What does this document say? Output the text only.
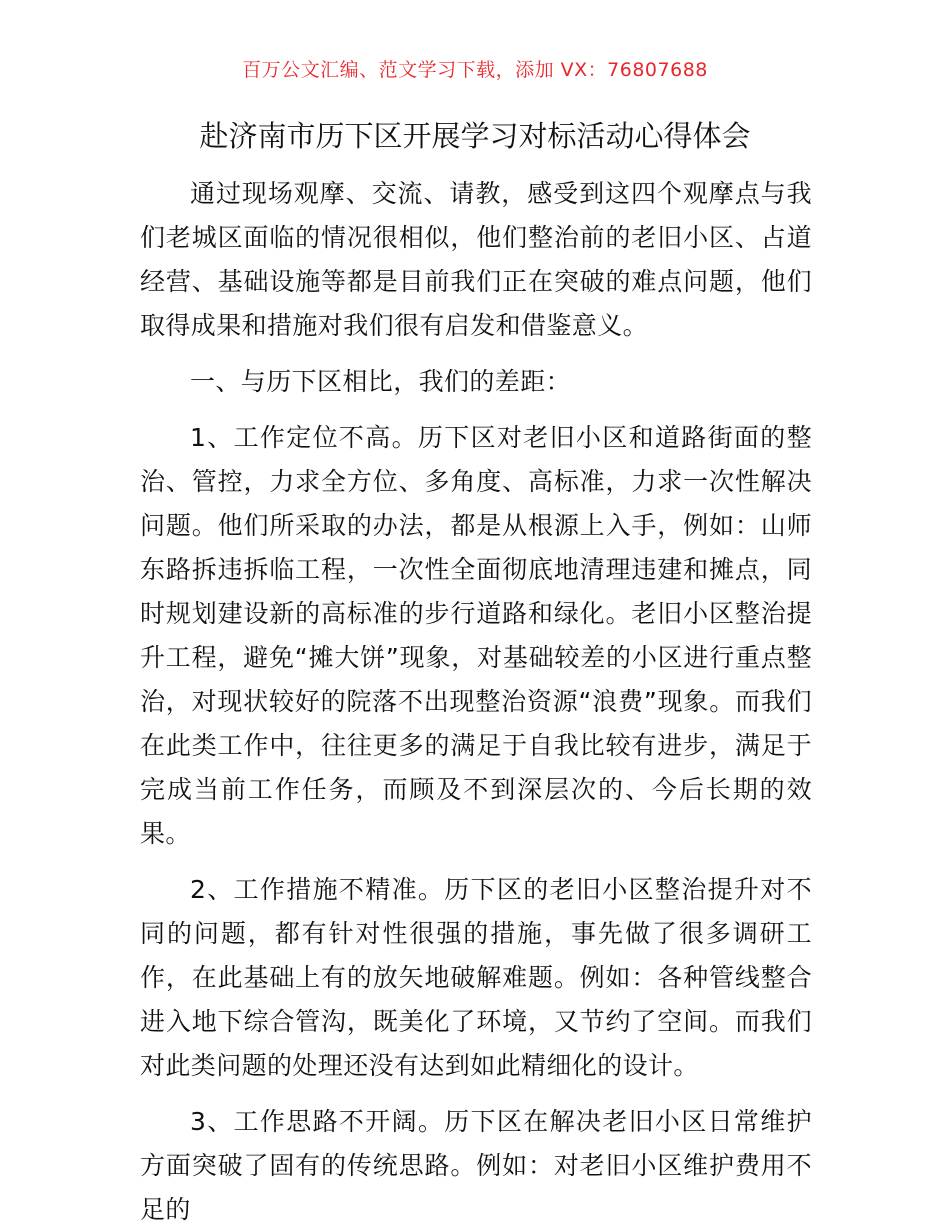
百万公文汇编、范文学习下载，添加 VX：76807688
赴济南市历下区开展学习对标活动心得体会

通过现场观摩、交流、请教，感受到这四个观摩点与我们老城区面临的情况很相似，他们整治前的老旧小区、占道经营、基础设施等都是目前我们正在突破的难点问题，他们取得成果和措施对我们很有启发和借鉴意义。

一、与历下区相比，我们的差距：

1、工作定位不高。历下区对老旧小区和道路街面的整治、管控，力求全方位、多角度、高标准，力求一次性解决问题。他们所采取的办法，都是从根源上入手，例如：山师东路拆违拆临工程，一次性全面彻底地清理违建和摊点，同时规划建设新的高标准的步行道路和绿化。老旧小区整治提升工程，避免“摊大饼”现象，对基础较差的小区进行重点整治，对现状较好的院落不出现整治资源“浪费”现象。而我们在此类工作中，往往更多的满足于自我比较有进步，满足于完成当前工作任务，而顾及不到深层次的、今后长期的效果。

2、工作措施不精准。历下区的老旧小区整治提升对不同的问题，都有针对性很强的措施，事先做了很多调研工作，在此基础上有的放矢地破解难题。例如：各种管线整合进入地下综合管沟，既美化了环境，又节约了空间。而我们对此类问题的处理还没有达到如此精细化的设计。

3、工作思路不开阔。历下区在解决老旧小区日常维护方面突破了固有的传统思路。例如：对老旧小区维护费用不足的
